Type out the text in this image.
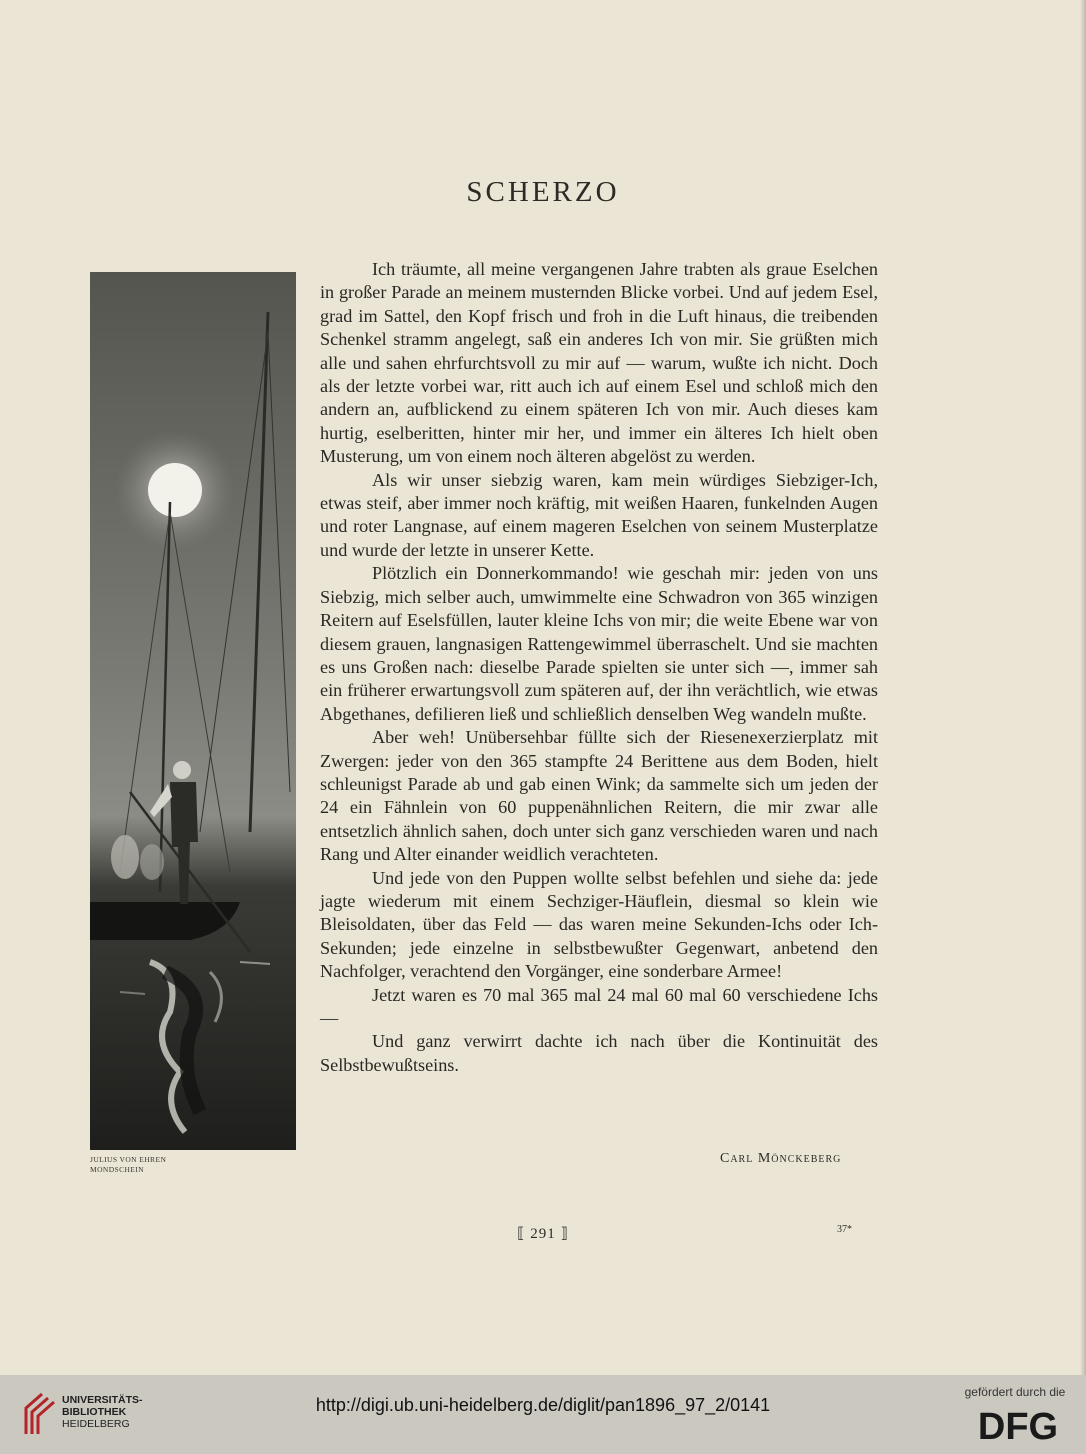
SCHERZO
JULIUS VON EHREN
MONDSCHEIN

Ich träumte, all meine vergangenen Jahre trabten als graue Eselchen in großer Parade an meinem musternden Blicke vorbei. Und auf jedem Esel, grad im Sattel, den Kopf frisch und froh in die Luft hinaus, die treibenden Schenkel stramm angelegt, saß ein anderes Ich von mir. Sie grüßten mich alle und sahen ehrfurchtsvoll zu mir auf — warum, wußte ich nicht. Doch als der letzte vorbei war, ritt auch ich auf einem Esel und schloß mich den andern an, aufblickend zu einem späteren Ich von mir. Auch dieses kam hurtig, eselberitten, hinter mir her, und immer ein älteres Ich hielt oben Musterung, um von einem noch älteren abgelöst zu werden.

Als wir unser siebzig waren, kam mein würdiges Siebziger-Ich, etwas steif, aber immer noch kräftig, mit weißen Haaren, funkelnden Augen und roter Langnase, auf einem mageren Eselchen von seinem Musterplatze und wurde der letzte in unserer Kette.

Plötzlich ein Donnerkommando! wie geschah mir: jeden von uns Siebzig, mich selber auch, umwimmelte eine Schwadron von 365 winzigen Reitern auf Eselsfüllen, lauter kleine Ichs von mir; die weite Ebene war von diesem grauen, langnasigen Rattengewimmel überraschelt. Und sie machten es uns Großen nach: dieselbe Parade spielten sie unter sich —, immer sah ein früherer erwartungsvoll zum späteren auf, der ihn verächtlich, wie etwas Abgethanes, defilieren ließ und schließlich denselben Weg wandeln mußte.

Aber weh! Unübersehbar füllte sich der Riesenexerzierplatz mit Zwergen: jeder von den 365 stampfte 24 Berittene aus dem Boden, hielt schleunigst Parade ab und gab einen Wink; da sammelte sich um jeden der 24 ein Fähnlein von 60 puppenähnlichen Reitern, die mir zwar alle entsetzlich ähnlich sahen, doch unter sich ganz verschieden waren und nach Rang und Alter einander weidlich verachteten.

Und jede von den Puppen wollte selbst befehlen und siehe da: jede jagte wiederum mit einem Sechziger-Häuflein, diesmal so klein wie Bleisoldaten, über das Feld — das waren meine Sekunden-Ichs oder Ich-Sekunden; jede einzelne in selbstbewußter Gegenwart, anbetend den Nachfolger, verachtend den Vorgänger, eine sonderbare Armee!

Jetzt waren es 70 mal 365 mal 24 mal 60 mal 60 verschiedene Ichs —

Und ganz verwirrt dachte ich nach über die Kontinuität des Selbstbewußtseins.

Carl Mönckeberg
⟦ 291 ⟧	37*
UNIVERSITÄTS-
BIBLIOTHEK
HEIDELBERG
http://digi.ub.uni-heidelberg.de/diglit/pan1896_97_2/0141
gefördert durch die
DFG
